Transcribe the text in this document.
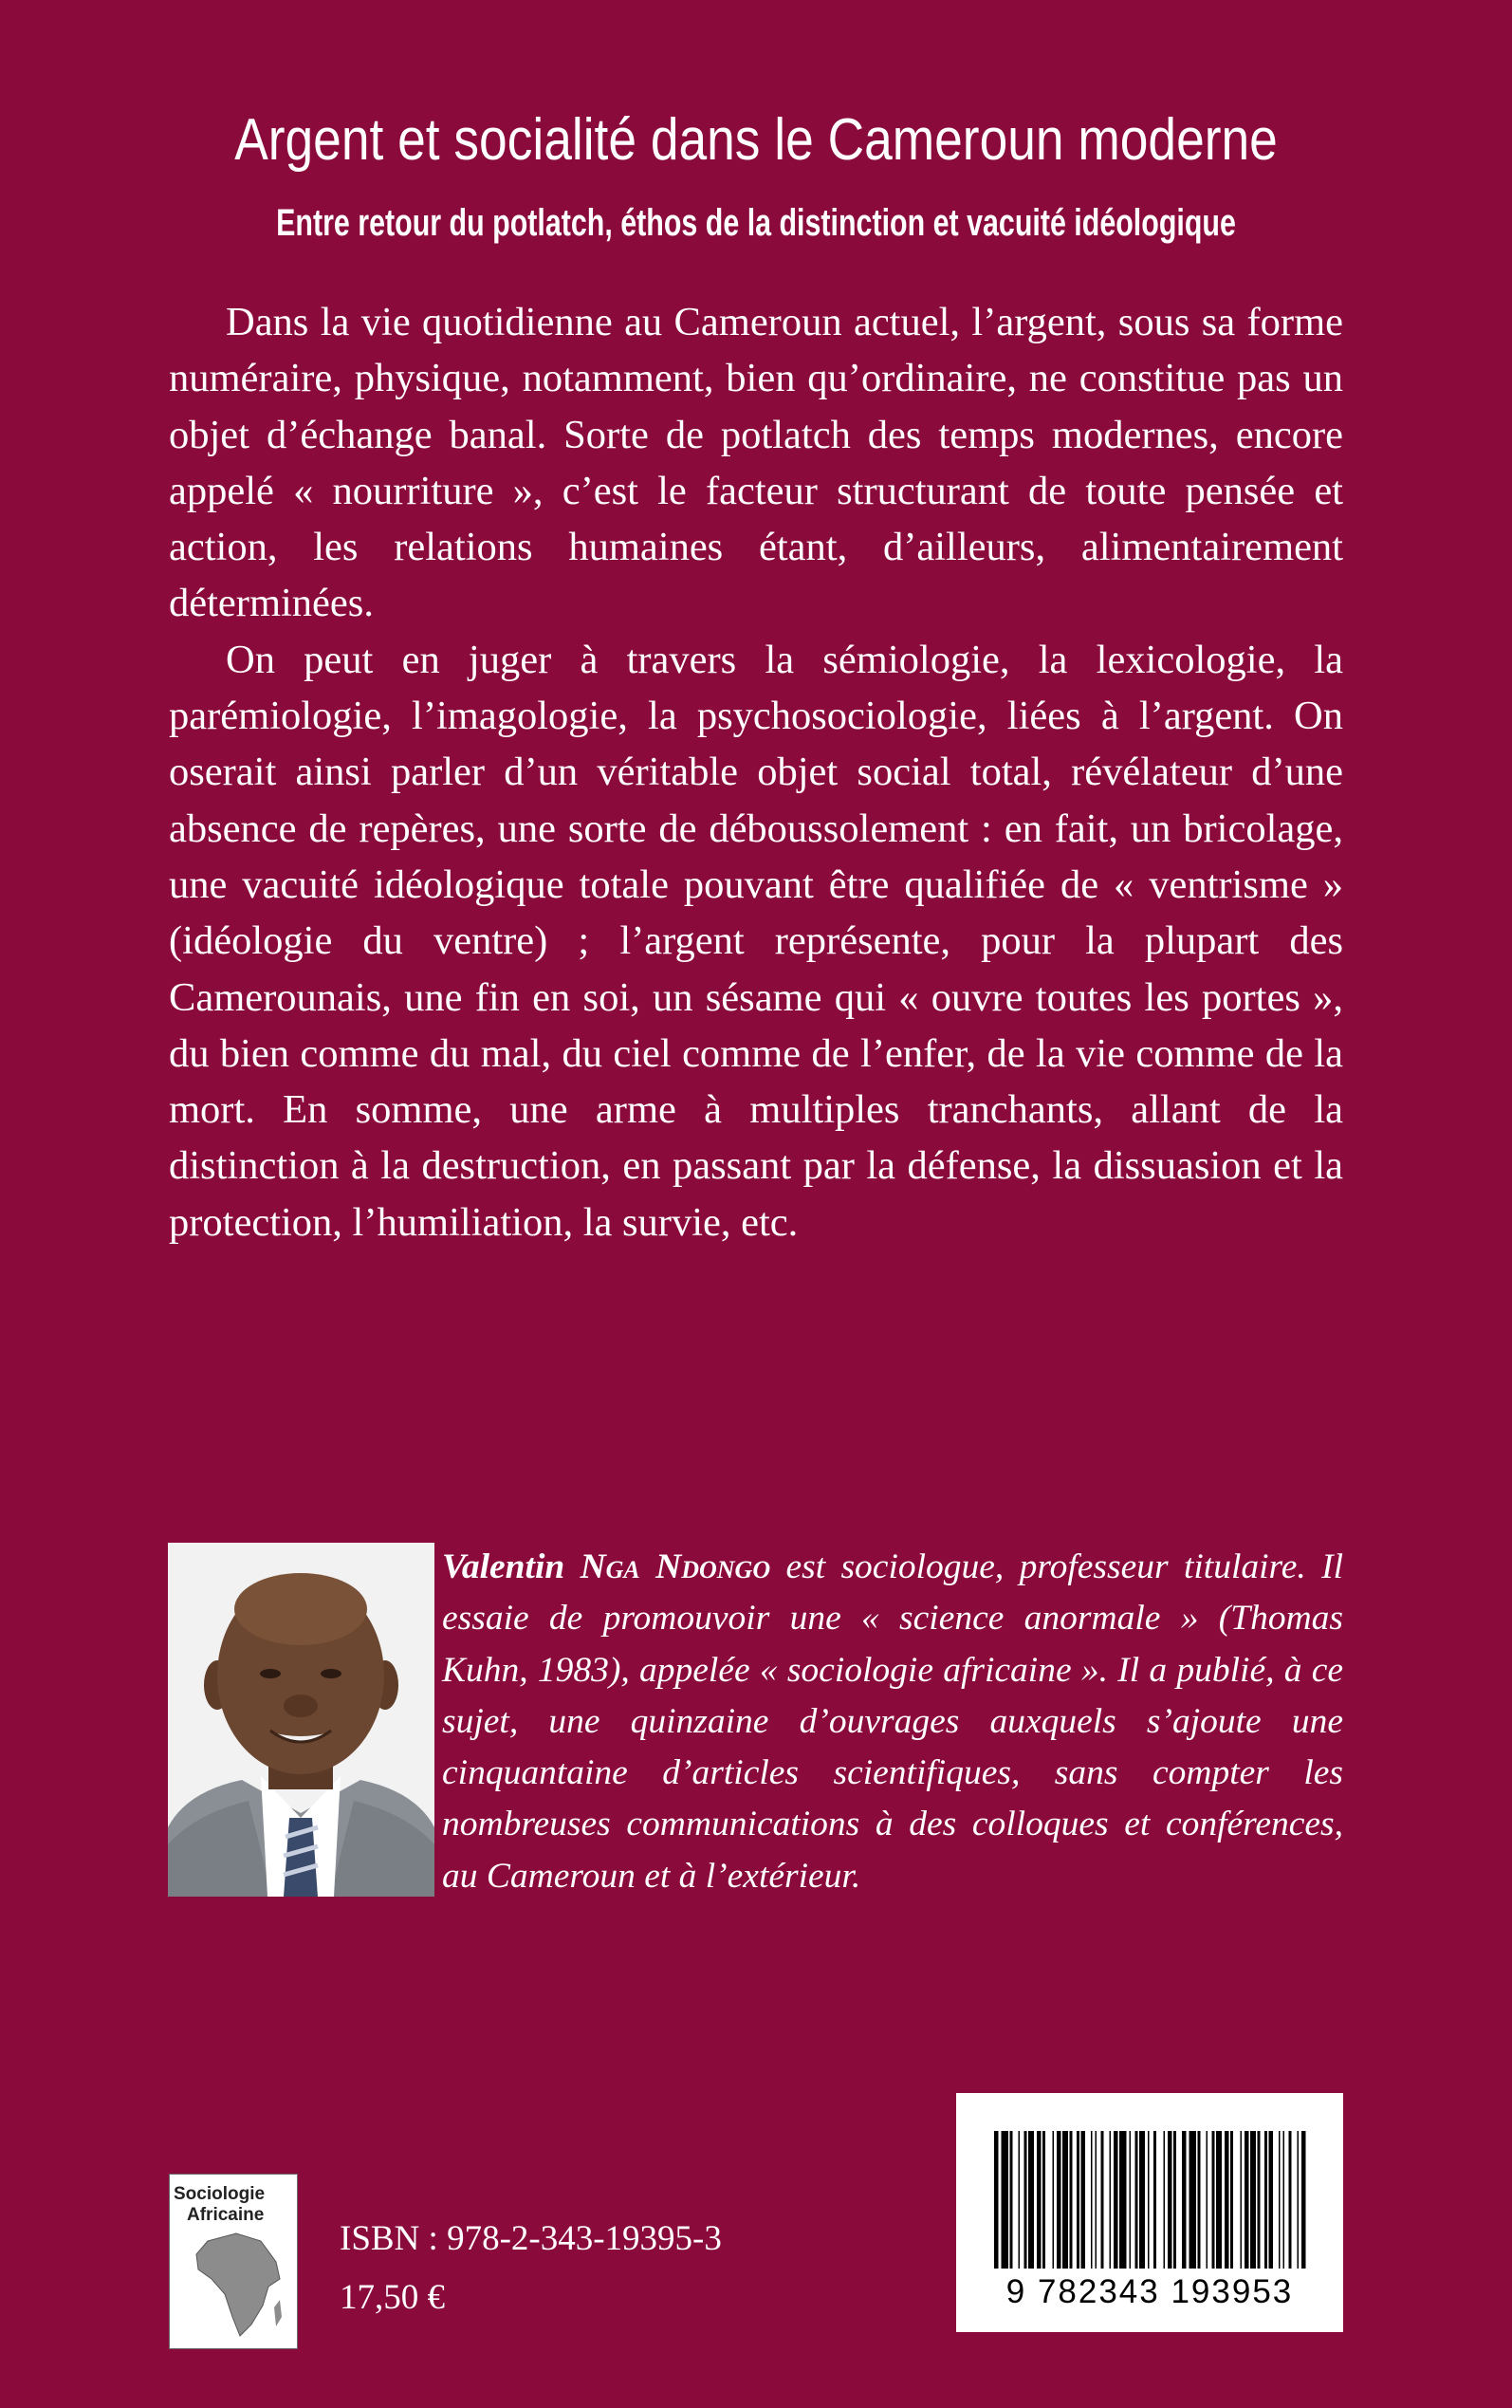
Argent et socialité dans le Cameroun moderne
Entre retour du potlatch, éthos de la distinction et vacuité idéologique

Dans la vie quotidienne au Cameroun actuel, l’argent, sous sa forme numéraire, physique, notamment, bien qu’ordinaire, ne constitue pas un objet d’échange banal. Sorte de potlatch des temps modernes, encore appelé « nourriture », c’est le facteur structurant de toute pensée et action, les relations humaines étant, d’ailleurs, alimentairement déterminées.

On peut en juger à travers la sémiologie, la lexicologie, la parémiologie, l’imagologie, la psychosociologie, liées à l’argent. On oserait ainsi parler d’un véritable objet social total, révélateur d’une absence de repères, une sorte de déboussolement : en fait, un bricolage, une vacuité idéologique totale pouvant être qualifiée de « ventrisme » (idéologie du ventre) ; l’argent représente, pour la plupart des Camerounais, une fin en soi, un sésame qui « ouvre toutes les portes », du bien comme du mal, du ciel comme de l’enfer, de la vie comme de la mort. En somme, une arme à multiples tranchants, allant de la distinction à la destruction, en passant par la défense, la dissuasion et la protection, l’humiliation, la survie, etc.

Valentin Nga Ndongo est sociologue, professeur titulaire. Il essaie de promouvoir une « science anormale » (Thomas Kuhn, 1983), appelée « sociologie africaine ». Il a publié, à ce sujet, une quinzaine d’ouvrages auxquels s’ajoute une cinquantaine d’articles scientifiques, sans compter les nombreuses communications à des colloques et conférences, au Cameroun et à l’extérieur.
Sociologie
Africaine
ISBN : 978-2-343-19395-3
17,50 €	9 782343 193953
